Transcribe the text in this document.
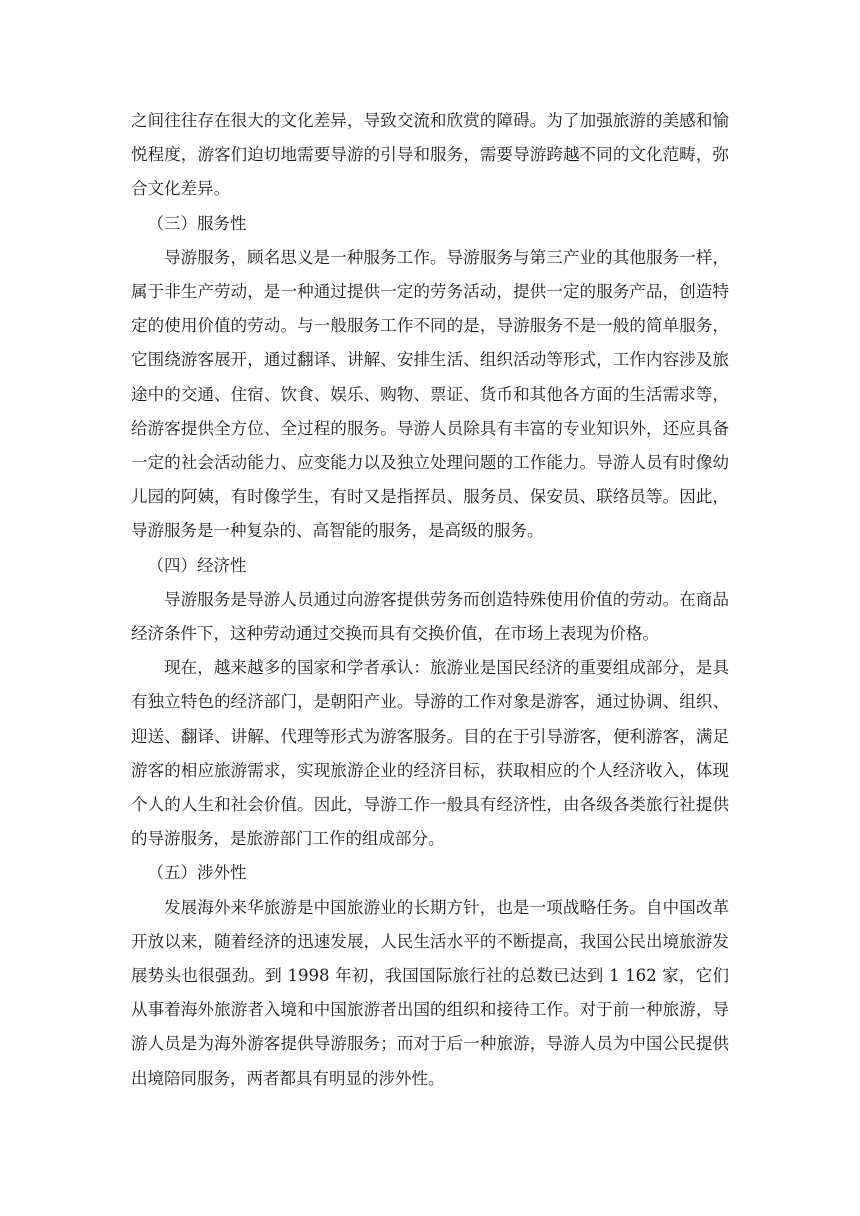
之间往往存在很大的文化差异，导致交流和欣赏的障碍。为了加强旅游的美感和愉悦程度，游客们迫切地需要导游的引导和服务，需要导游跨越不同的文化范畴，弥合文化差异。

（三）服务性

导游服务，顾名思义是一种服务工作。导游服务与第三产业的其他服务一样，属于非生产劳动，是一种通过提供一定的劳务活动，提供一定的服务产品，创造特定的使用价值的劳动。与一般服务工作不同的是，导游服务不是一般的简单服务，它围绕游客展开，通过翻译、讲解、安排生活、组织活动等形式，工作内容涉及旅途中的交通、住宿、饮食、娱乐、购物、票证、货币和其他各方面的生活需求等，给游客提供全方位、全过程的服务。导游人员除具有丰富的专业知识外，还应具备一定的社会活动能力、应变能力以及独立处理问题的工作能力。导游人员有时像幼儿园的阿姨，有时像学生，有时又是指挥员、服务员、保安员、联络员等。因此，导游服务是一种复杂的、高智能的服务，是高级的服务。

（四）经济性

导游服务是导游人员通过向游客提供劳务而创造特殊使用价值的劳动。在商品经济条件下，这种劳动通过交换而具有交换价值，在市场上表现为价格。

现在，越来越多的国家和学者承认：旅游业是国民经济的重要组成部分，是具有独立特色的经济部门，是朝阳产业。导游的工作对象是游客，通过协调、组织、迎送、翻译、讲解、代理等形式为游客服务。目的在于引导游客，便利游客，满足游客的相应旅游需求，实现旅游企业的经济目标，获取相应的个人经济收入，体现个人的人生和社会价值。因此，导游工作一般具有经济性，由各级各类旅行社提供的导游服务，是旅游部门工作的组成部分。

（五）涉外性

发展海外来华旅游是中国旅游业的长期方针，也是一项战略任务。自中国改革开放以来，随着经济的迅速发展，人民生活水平的不断提高，我国公民出境旅游发展势头也很强劲。到 1998 年初，我国国际旅行社的总数已达到 1 162 家，它们从事着海外旅游者入境和中国旅游者出国的组织和接待工作。对于前一种旅游，导游人员是为海外游客提供导游服务；而对于后一种旅游，导游人员为中国公民提供出境陪同服务，两者都具有明显的涉外性。
